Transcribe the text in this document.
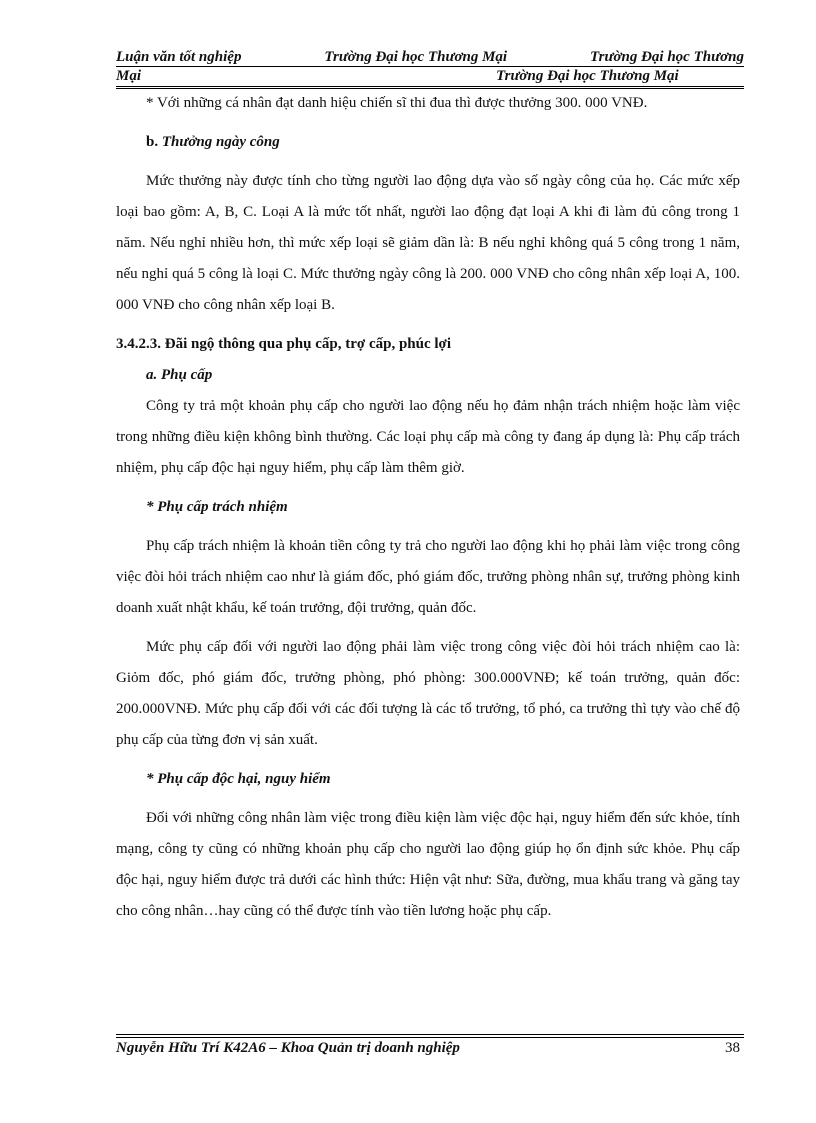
Luận văn tốt nghiệp	Trường Đại học Thương Mại	Trường Đại học Thương
Mại	Trường Đại học Thương Mại

* Với những cá nhân đạt danh hiệu chiến sĩ thi đua thì được thưởng 300. 000 VNĐ.

b. Thưởng ngày công

Mức thưởng này được tính cho từng người lao động dựa vào số ngày công của họ. Các mức xếp loại bao gồm: A, B, C. Loại A là mức tốt nhất, người lao động đạt loại A khi đi làm đủ công trong 1 năm. Nếu nghỉ nhiều hơn, thì mức xếp loại sẽ giảm dần là: B nếu nghỉ không quá 5 công trong 1 năm, nếu nghỉ quá 5 công là loại C. Mức thưởng ngày công là 200. 000 VNĐ cho công nhân xếp loại A, 100. 000 VNĐ cho công nhân xếp loại B.

3.4.2.3. Đãi ngộ thông qua phụ cấp, trợ cấp, phúc lợi

a. Phụ cấp

Công ty trả một khoản phụ cấp cho người lao động nếu họ đảm nhận trách nhiệm hoặc làm việc trong những điều kiện không bình thường. Các loại phụ cấp mà công ty đang áp dụng là: Phụ cấp trách nhiệm, phụ cấp độc hại nguy hiểm, phụ cấp làm thêm giờ.

* Phụ cấp trách nhiệm

Phụ cấp trách nhiệm là khoản tiền công ty trả cho người lao động khi họ phải làm việc trong công việc đòi hỏi trách nhiệm cao như là giám đốc, phó giám đốc, trưởng phòng nhân sự, trưởng phòng kinh doanh xuất nhật khẩu, kế toán trưởng, đội trưởng, quản đốc.

Mức phụ cấp đối với người lao động phải làm việc trong công việc đòi hỏi trách nhiệm cao là: Giỏm đốc, phó giám đốc, trưởng phòng, phó phòng: 300.000VNĐ; kế toán trưởng, quản đốc: 200.000VNĐ. Mức phụ cấp đối với các đối tượng là các tổ trưởng, tổ phó, ca trưởng thì tựy vào chế độ phụ cấp của từng đơn vị sản xuất.

* Phụ cấp độc hại, nguy hiểm

Đối với những công nhân làm việc trong điều kiện làm việc độc hại, nguy hiểm đến sức khỏe, tính mạng, công ty cũng có những khoản phụ cấp cho người lao động giúp họ ổn định sức khỏe. Phụ cấp độc hại, nguy hiểm được trả dưới các hình thức: Hiện vật như: Sữa, đường, mua khẩu trang và găng tay cho công nhân…hay cũng có thể được tính vào tiền lương hoặc phụ cấp.

Nguyễn Hữu Trí K42A6 – Khoa Quản trị doanh nghiệp	38
